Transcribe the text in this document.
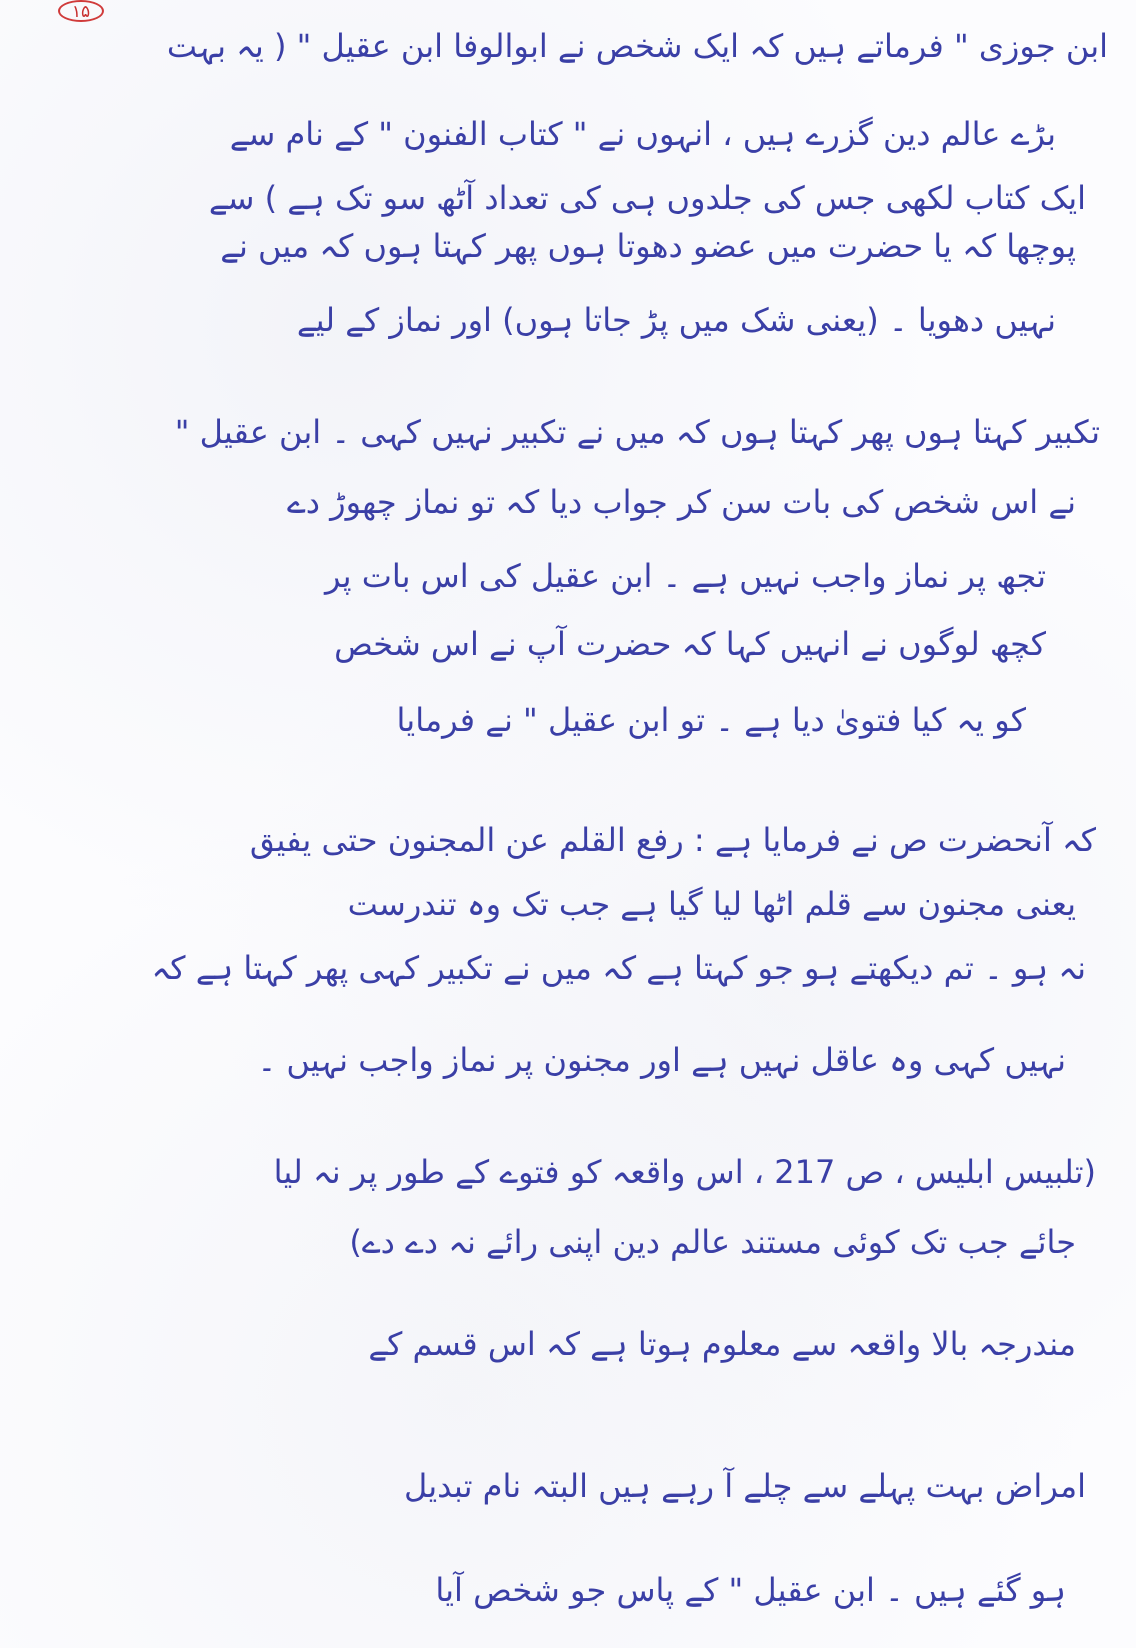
۱۵
ابن جوزی " فرماتے ہیں کہ ایک شخص نے ابوالوفا ابن عقیل " ( یہ بہت
بڑے عالم دین گزرے ہیں ، انہوں نے " کتاب الفنون " کے نام سے
ایک کتاب لکھی جس کی جلدوں ہی کی تعداد آٹھ سو تک ہے ) سے
پوچھا کہ یا حضرت میں عضو دھوتا ہوں پھر کہتا ہوں کہ میں نے
نہیں دھویا ۔ (یعنی شک میں پڑ جاتا ہوں) اور نماز کے لیے
تکبیر کہتا ہوں پھر کہتا ہوں کہ میں نے تکبیر نہیں کہی ۔ ابن عقیل "
نے اس شخص کی بات سن کر جواب دیا کہ تو نماز چھوڑ دے
تجھ پر نماز واجب نہیں ہے ۔ ابن عقیل کی اس بات پر
کچھ لوگوں نے انہیں کہا کہ حضرت آپ نے اس شخص
کو یہ کیا فتویٰ دیا ہے ۔ تو ابن عقیل " نے فرمایا
کہ آنحضرت ص نے فرمایا ہے : رفع القلم عن المجنون حتی یفیق
یعنی مجنون سے قلم اٹھا لیا گیا ہے جب تک وہ تندرست
نہ ہو ۔ تم دیکھتے ہو جو کہتا ہے کہ میں نے تکبیر کہی پھر کہتا ہے کہ
نہیں کہی وہ عاقل نہیں ہے اور مجنون پر نماز واجب نہیں ۔
(تلبیس ابلیس ، ص 217 ، اس واقعہ کو فتوے کے طور پر نہ لیا
جائے جب تک کوئی مستند عالم دین اپنی رائے نہ دے دے)
مندرجہ بالا واقعہ سے معلوم ہوتا ہے کہ اس قسم کے
امراض بہت پہلے سے چلے آ رہے ہیں البتہ نام تبدیل
ہو گئے ہیں ۔ ابن عقیل " کے پاس جو شخص آیا
